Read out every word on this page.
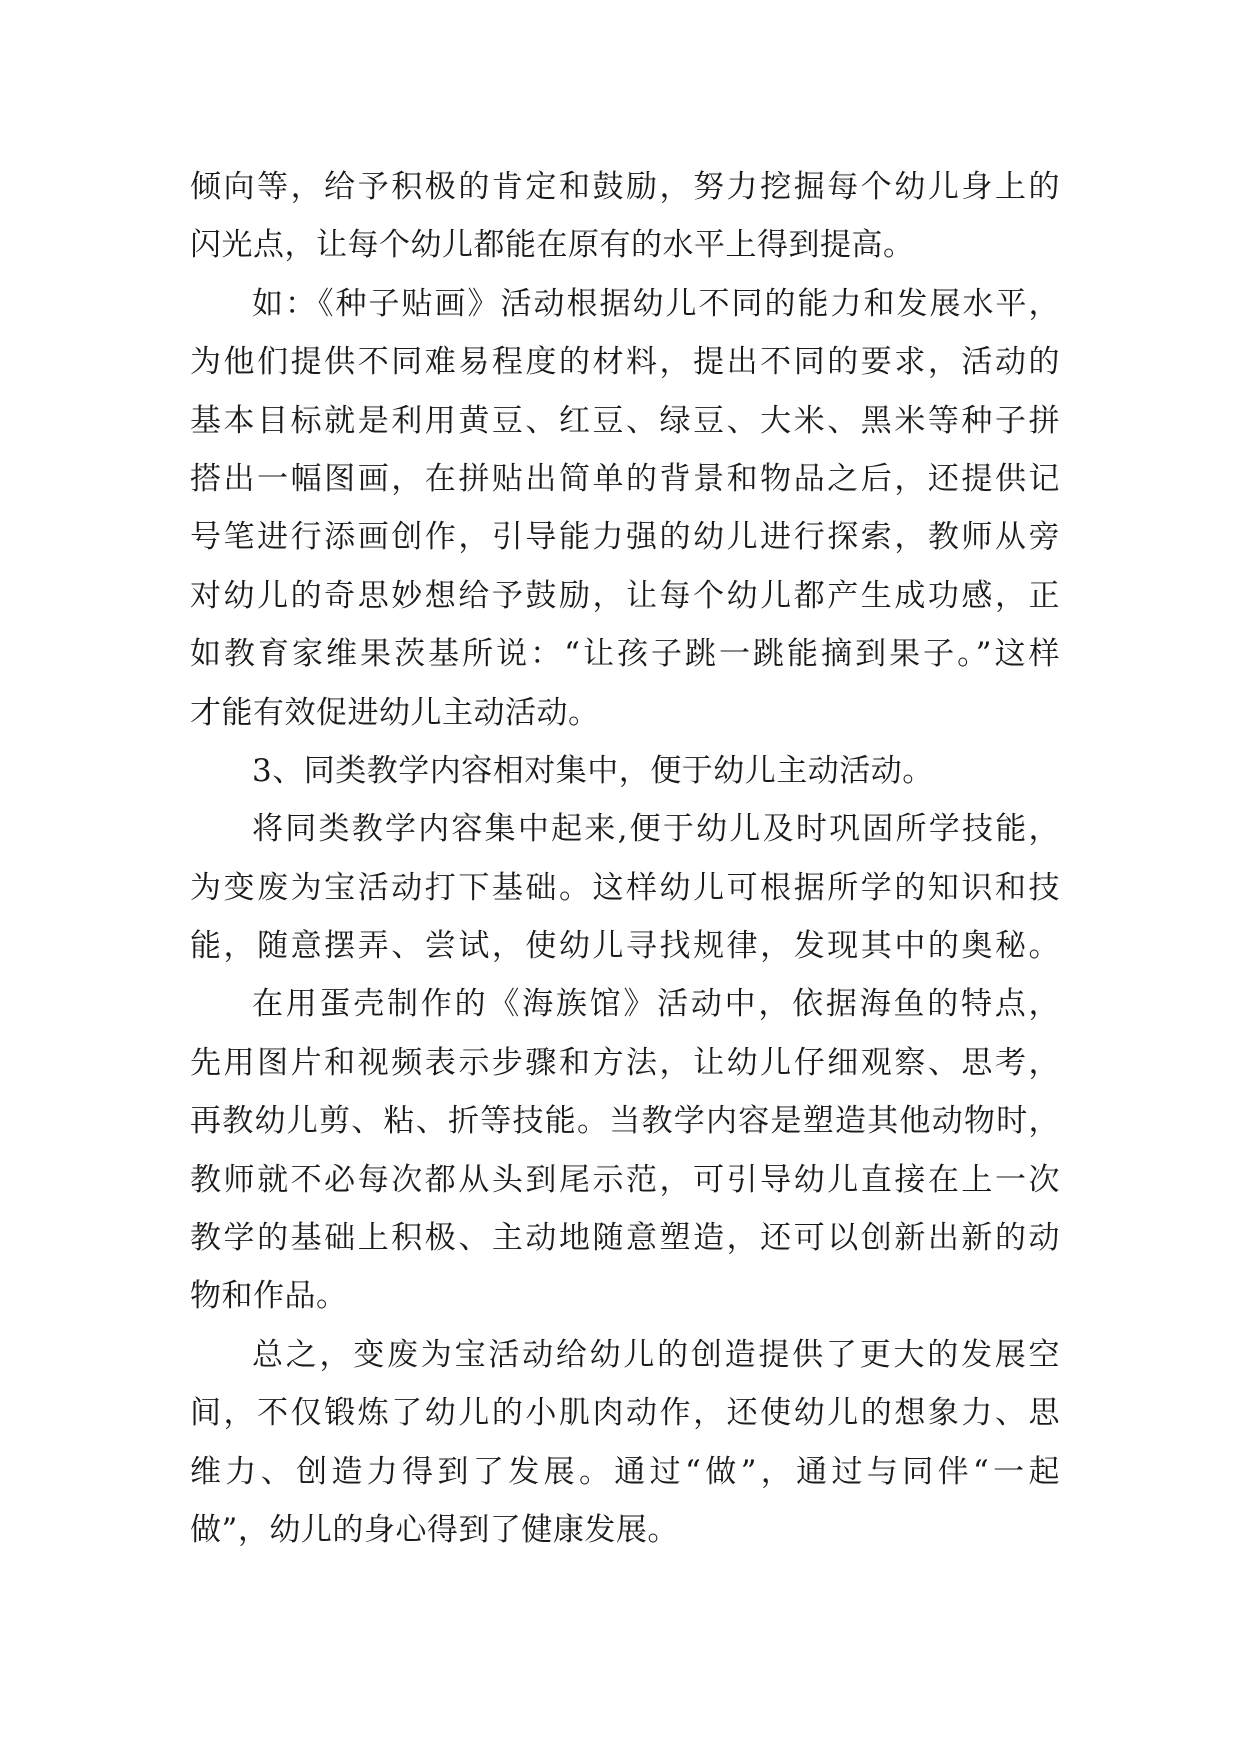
倾向等，给予积极的肯定和鼓励，努力挖掘每个幼儿身上的
闪光点，让每个幼儿都能在原有的水平上得到提高。
如：《种子贴画》活动根据幼儿不同的能力和发展水平，
为他们提供不同难易程度的材料，提出不同的要求，活动的
基本目标就是利用黄豆、红豆、绿豆、大米、黑米等种子拼
搭出一幅图画，在拼贴出简单的背景和物品之后，还提供记
号笔进行添画创作，引导能力强的幼儿进行探索，教师从旁
对幼儿的奇思妙想给予鼓励，让每个幼儿都产生成功感，正
如教育家维果茨基所说：“让孩子跳一跳能摘到果子。”这样
才能有效促进幼儿主动活动。
3、同类教学内容相对集中，便于幼儿主动活动。
将同类教学内容集中起来,便于幼儿及时巩固所学技能，
为变废为宝活动打下基础。这样幼儿可根据所学的知识和技
能，随意摆弄、尝试，使幼儿寻找规律，发现其中的奥秘。
在用蛋壳制作的《海族馆》活动中，依据海鱼的特点，
先用图片和视频表示步骤和方法，让幼儿仔细观察、思考，
再教幼儿剪、粘、折等技能。当教学内容是塑造其他动物时，
教师就不必每次都从头到尾示范，可引导幼儿直接在上一次
教学的基础上积极、主动地随意塑造，还可以创新出新的动
物和作品。
总之，变废为宝活动给幼儿的创造提供了更大的发展空
间，不仅锻炼了幼儿的小肌肉动作，还使幼儿的想象力、思
维力、创造力得到了发展。通过“做”，通过与同伴“一起
做”，幼儿的身心得到了健康发展。
